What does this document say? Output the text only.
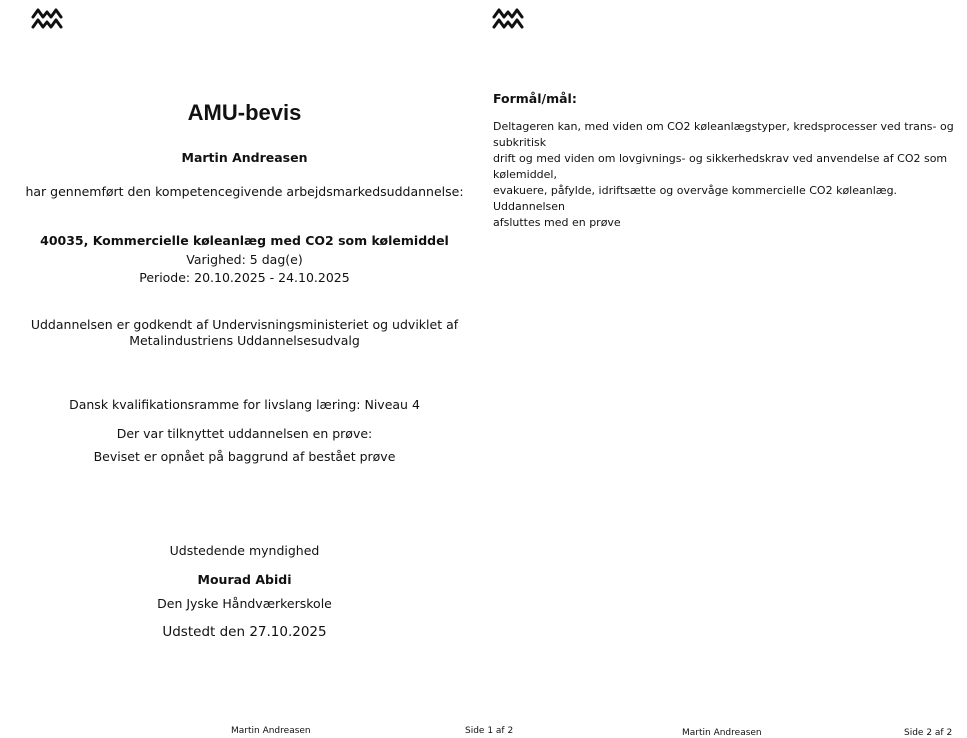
AMU-bevis
Martin Andreasen
har gennemført den kompetencegivende arbejdsmarkedsuddannelse:
40035, Kommercielle køleanlæg med CO2 som kølemiddel
Varighed: 5 dag(e)
Periode: 20.10.2025 - 24.10.2025
Uddannelsen er godkendt af Undervisningsministeriet og udviklet af
Metalindustriens Uddannelsesudvalg
Dansk kvalifikationsramme for livslang læring: Niveau 4
Der var tilknyttet uddannelsen en prøve:
Beviset er opnået på baggrund af bestået prøve
Udstedende myndighed
Mourad Abidi
Den Jyske Håndværkerskole
Udstedt den 27.10.2025
Martin Andreasen	Side 1 af 2
Formål/mål:
Deltageren kan, med viden om CO2 køleanlægstyper, kredsprocesser ved trans- og subkritisk
drift og med viden om lovgivnings- og sikkerhedskrav ved anvendelse af CO2 som kølemiddel,
evakuere, påfylde, idriftsætte og overvåge kommercielle CO2 køleanlæg. Uddannelsen
afsluttes med en prøve
Martin Andreasen	Side 2 af 2
